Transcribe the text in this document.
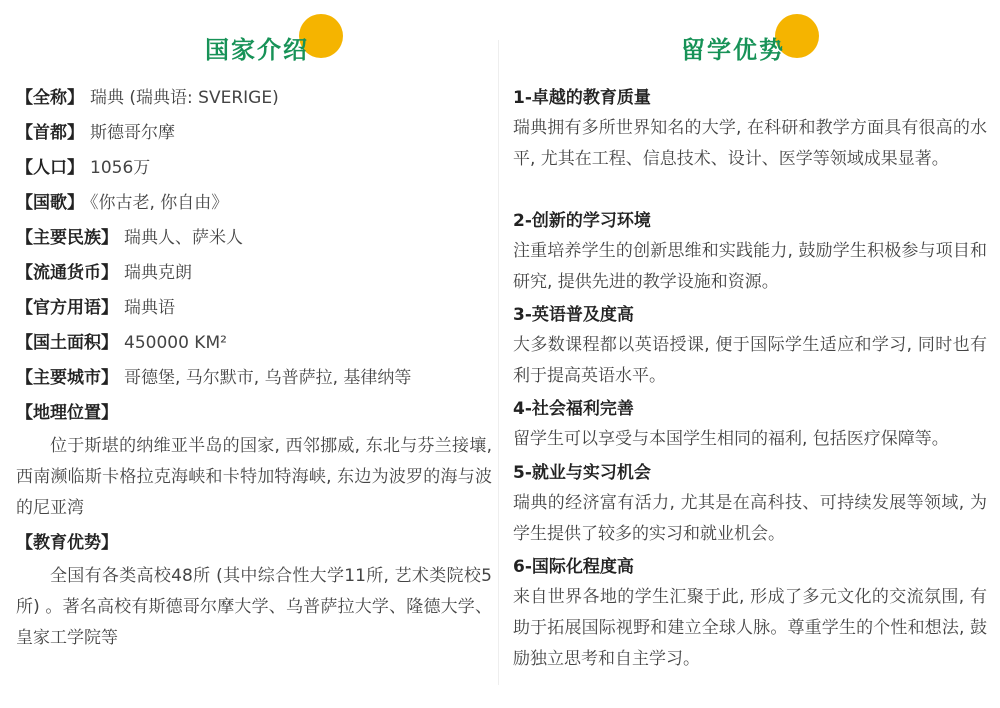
国家介绍
【全称】 瑞典 (瑞典语: SVERIGE)
【首都】 斯德哥尔摩
【人口】 1056万
【国歌】 《你古老, 你自由》
【主要民族】 瑞典人、萨米人
【流通货币】 瑞典克朗
【官方用语】 瑞典语
【国土面积】 450000 KM²
【主要城市】 哥德堡, 马尔默市, 乌普萨拉, 基律纳等
【地理位置】
位于斯堪的纳维亚半岛的国家, 西邻挪威, 东北与芬兰接壤, 西南濒临斯卡格拉克海峡和卡特加特海峡, 东边为波罗的海与波的尼亚湾
【教育优势】
全国有各类高校48所 (其中综合性大学11所, 艺术类院校5所) 。著名高校有斯德哥尔摩大学、乌普萨拉大学、隆德大学、皇家工学院等
留学优势
1-卓越的教育质量
瑞典拥有多所世界知名的大学, 在科研和教学方面具有很高的水平, 尤其在工程、信息技术、设计、医学等领域成果显著。
2-创新的学习环境
注重培养学生的创新思维和实践能力, 鼓励学生积极参与项目和研究, 提供先进的教学设施和资源。
3-英语普及度高
大多数课程都以英语授课, 便于国际学生适应和学习, 同时也有利于提高英语水平。
4-社会福利完善
留学生可以享受与本国学生相同的福利, 包括医疗保障等。
5-就业与实习机会
瑞典的经济富有活力, 尤其是在高科技、可持续发展等领域, 为学生提供了较多的实习和就业机会。
6-国际化程度高
来自世界各地的学生汇聚于此, 形成了多元文化的交流氛围, 有助于拓展国际视野和建立全球人脉。尊重学生的个性和想法, 鼓励独立思考和自主学习。
